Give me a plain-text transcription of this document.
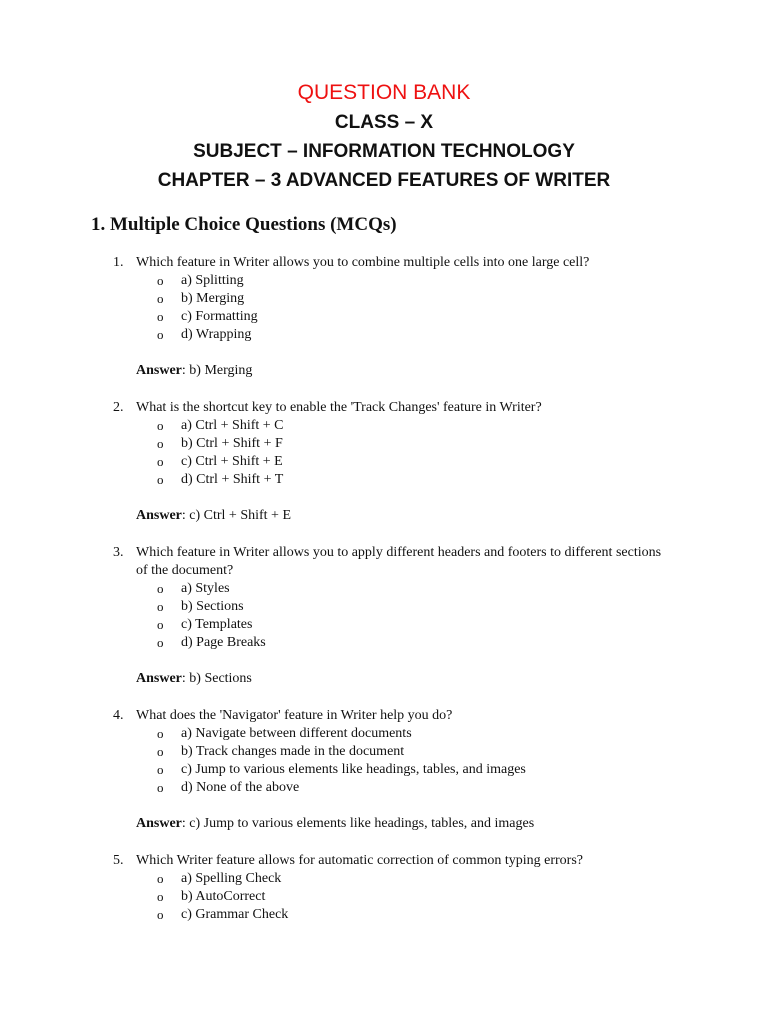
QUESTION BANK
CLASS – X
SUBJECT – INFORMATION TECHNOLOGY
CHAPTER – 3 ADVANCED FEATURES OF WRITER
1. Multiple Choice Questions (MCQs)
1. Which feature in Writer allows you to combine multiple cells into one large cell?
o a) Splitting
o b) Merging
o c) Formatting
o d) Wrapping
Answer: b) Merging
2. What is the shortcut key to enable the 'Track Changes' feature in Writer?
o a) Ctrl + Shift + C
o b) Ctrl + Shift + F
o c) Ctrl + Shift + E
o d) Ctrl + Shift + T
Answer: c) Ctrl + Shift + E
3. Which feature in Writer allows you to apply different headers and footers to different sections of the document?
o a) Styles
o b) Sections
o c) Templates
o d) Page Breaks
Answer: b) Sections
4. What does the 'Navigator' feature in Writer help you do?
o a) Navigate between different documents
o b) Track changes made in the document
o c) Jump to various elements like headings, tables, and images
o d) None of the above
Answer: c) Jump to various elements like headings, tables, and images
5. Which Writer feature allows for automatic correction of common typing errors?
o a) Spelling Check
o b) AutoCorrect
o c) Grammar Check
